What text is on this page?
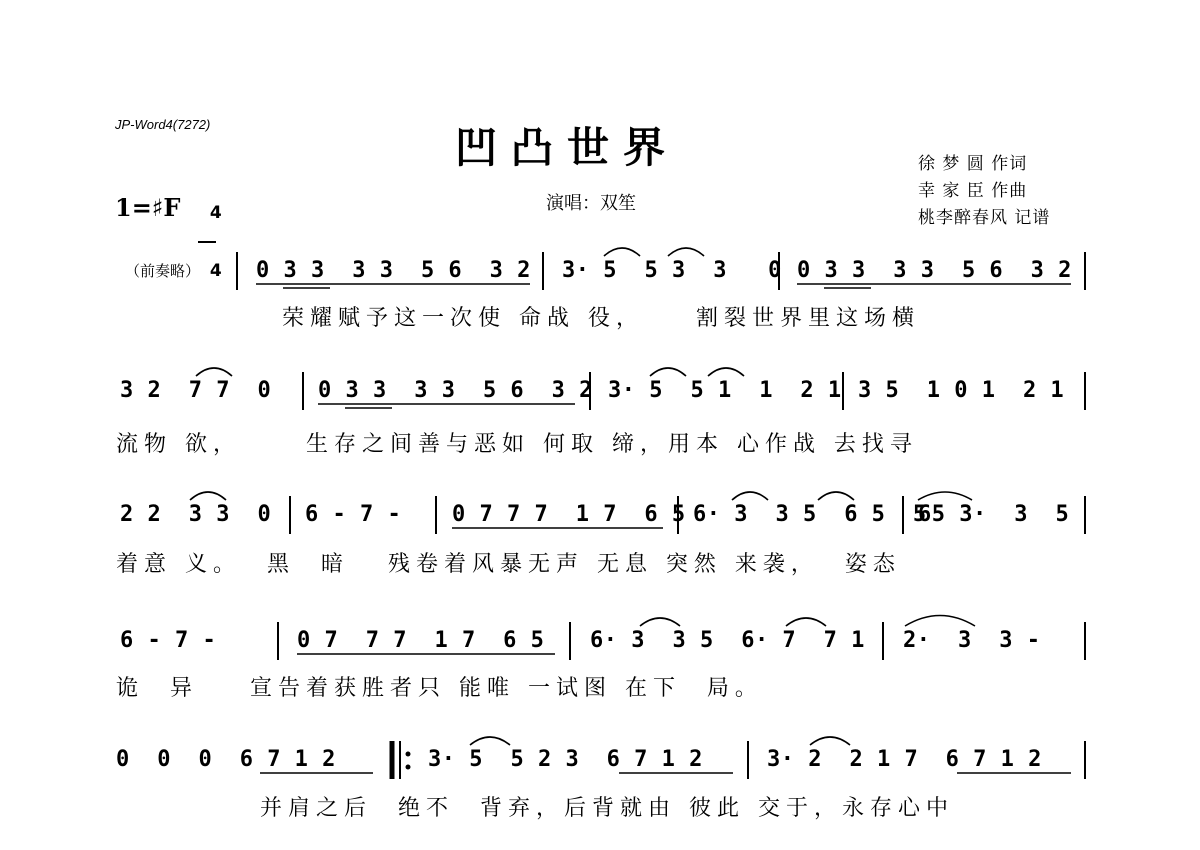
JP-Word4(7272)	凹凸世界
演唱：双笙
徐 梦 圆 作词
幸 家 臣 作曲
桃李醉春风 记谱
1=♯F	4

4

（前奏略）	0 3 3  3 3  5 6  3 2 3· 5  5 3  3   0 0 3 3  3 3  5 6  3 2
荣耀赋予这一次使 命战 役，    割裂世界里这场横
3 2  7 7  0 0 3 3  3 3  5 6  3 2 3· 5  5 1  1  2 1 3 5  1 0 1  2 1
流物 欲，     生存之间善与恶如 何取 缔，用本 心作战 去找寻
2 2  3 3  0 6 - 7 - 0 7 7 7  1 7  6 5 6· 3  3 5  6 5  5
65 3·  3  5
着意 义。  黑  暗   残卷着风暴无声 无息 突然 来袭，  姿态
6 - 7 -	0 7  7 7  1 7  6 5 6· 3  3 5  6· 7  7 1 2·  3  3 -
诡  异    宣告着获胜者只 能唯 一试图 在下  局。
0  0  0  6 7 1 2	3· 5  5 2 3  6 7 1 2	3· 2  2 1 7  6 7 1 2
并肩之后  绝不  背弃，后背就由 彼此 交于，永存心中
